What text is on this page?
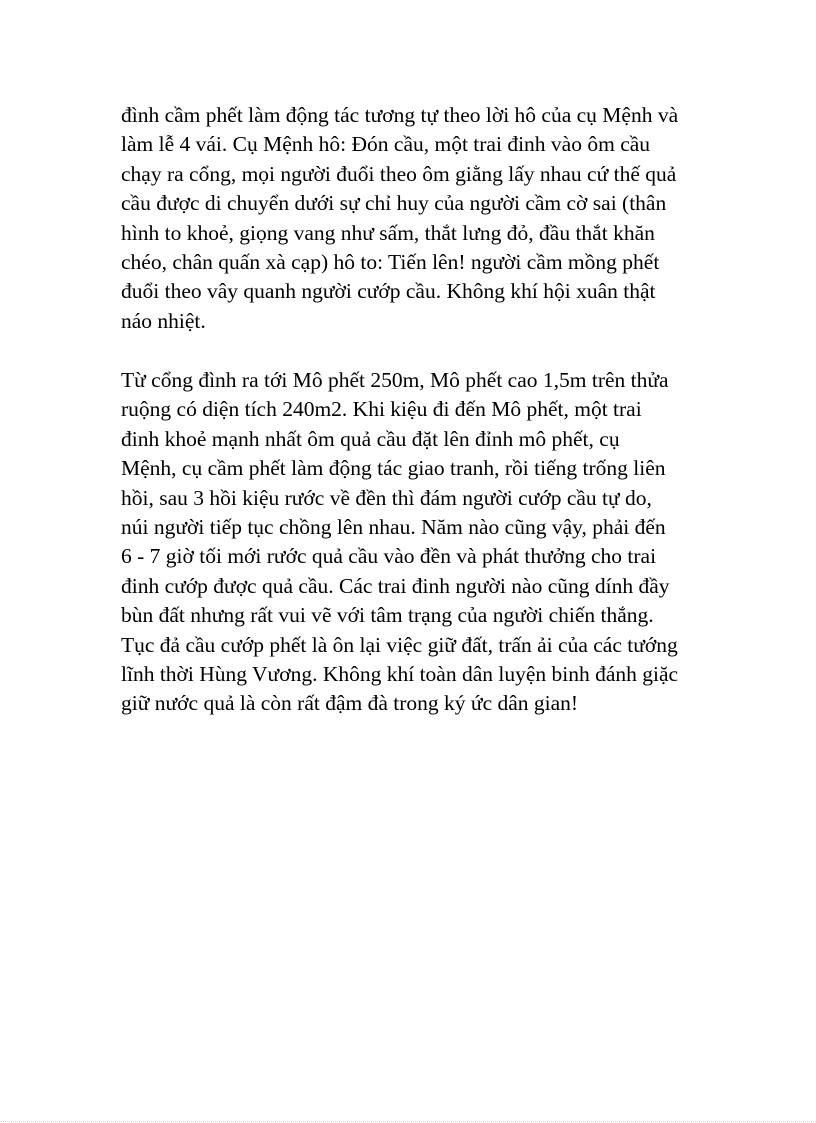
đình cầm phết làm động tác tương tự theo lời hô của cụ Mệnh và
làm lễ 4 vái. Cụ Mệnh hô: Đón cầu, một trai đinh vào ôm cầu
chạy ra cổng, mọi người đuổi theo ôm giằng lấy nhau cứ thế quả
cầu được di chuyển dưới sự chỉ huy của người cầm cờ sai (thân
hình to khoẻ, giọng vang như sấm, thắt lưng đỏ, đầu thắt khăn
chéo, chân quấn xà cạp) hô to: Tiến lên! người cầm mồng phết
đuổi theo vây quanh người cướp cầu. Không khí hội xuân thật
náo nhiệt.
Từ cổng đình ra tới Mô phết 250m, Mô phết cao 1,5m trên thửa
ruộng có diện tích 240m2. Khi kiệu đi đến Mô phết, một trai
đinh khoẻ mạnh nhất ôm quả cầu đặt lên đỉnh mô phết, cụ
Mệnh, cụ cầm phết làm động tác giao tranh, rồi tiếng trống liên
hồi, sau 3 hồi kiệu rước về đền thì đám người cướp cầu tự do,
núi người tiếp tục chồng lên nhau. Năm nào cũng vậy, phải đến
6 - 7 giờ tối mới rước quả cầu vào đền và phát thưởng cho trai
đinh cướp được quả cầu. Các trai đinh người nào cũng dính đầy
bùn đất nhưng rất vui vẽ với tâm trạng của người chiến thắng.
Tục đả cầu cướp phết là ôn lại việc giữ đất, trấn ải của các tướng
lĩnh thời Hùng Vương. Không khí toàn dân luyện binh đánh giặc
giữ nước quả là còn rất đậm đà trong ký ức dân gian!
